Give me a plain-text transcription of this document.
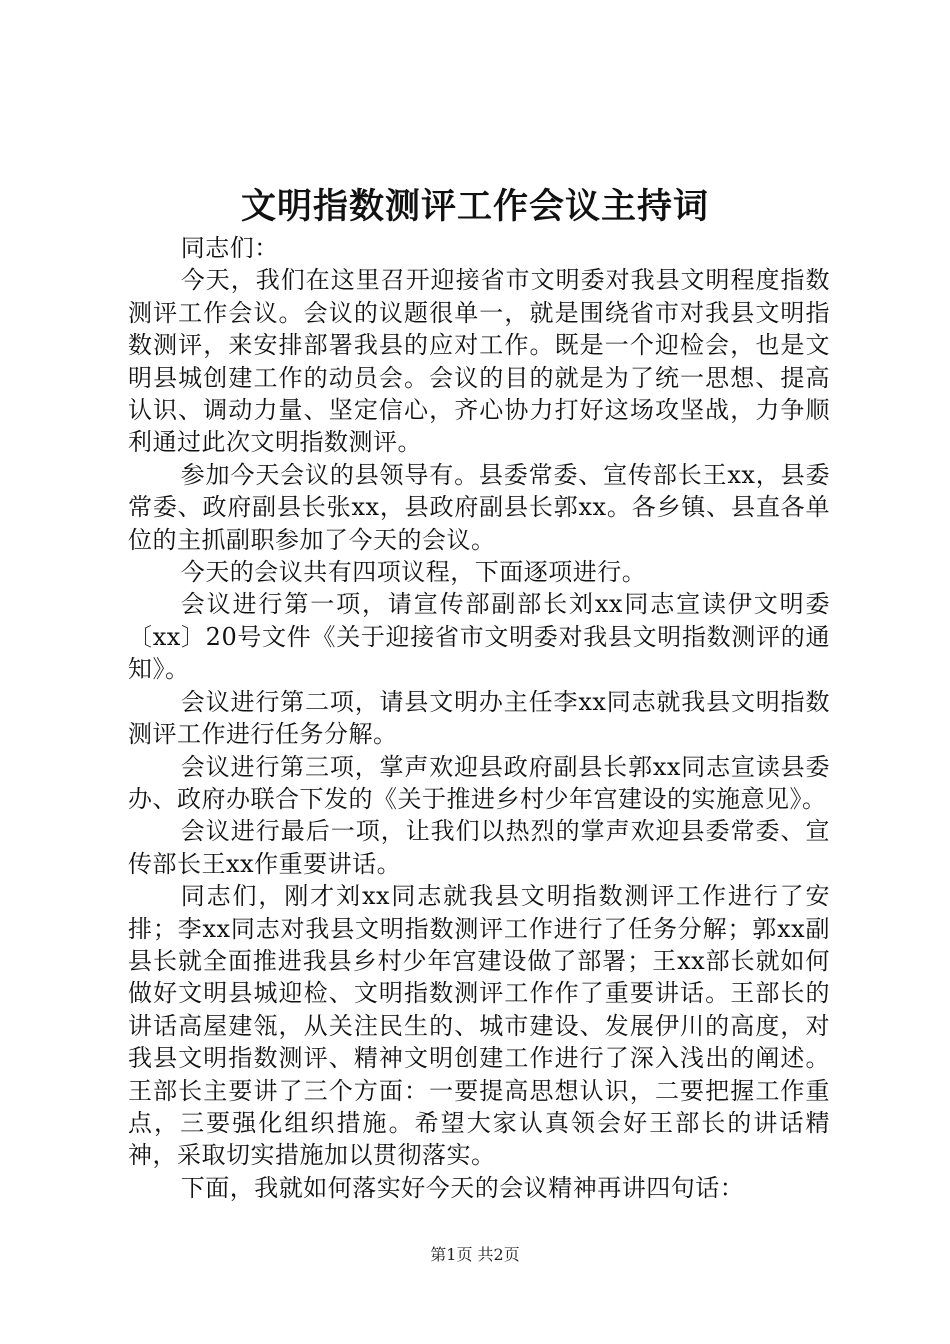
文明指数测评工作会议主持词

同志们：

今天，我们在这里召开迎接省市文明委对我县文明程度指数测评工作会议。会议的议题很单一，就是围绕省市对我县文明指数测评，来安排部署我县的应对工作。既是一个迎检会，也是文明县城创建工作的动员会。会议的目的就是为了统一思想、提高认识、调动力量、坚定信心，齐心协力打好这场攻坚战，力争顺利通过此次文明指数测评。

参加今天会议的县领导有。县委常委、宣传部长王xx，县委常委、政府副县长张xx，县政府副县长郭xx。各乡镇、县直各单位的主抓副职参加了今天的会议。

今天的会议共有四项议程，下面逐项进行。

会议进行第一项，请宣传部副部长刘xx同志宣读伊文明委〔xx〕20号文件《关于迎接省市文明委对我县文明指数测评的通知》。

会议进行第二项，请县文明办主任李xx同志就我县文明指数测评工作进行任务分解。

会议进行第三项，掌声欢迎县政府副县长郭xx同志宣读县委办、政府办联合下发的《关于推进乡村少年宫建设的实施意见》。

会议进行最后一项，让我们以热烈的掌声欢迎县委常委、宣传部长王xx作重要讲话。

同志们，刚才刘xx同志就我县文明指数测评工作进行了安排；李xx同志对我县文明指数测评工作进行了任务分解；郭xx副县长就全面推进我县乡村少年宫建设做了部署；王xx部长就如何做好文明县城迎检、文明指数测评工作作了重要讲话。王部长的讲话高屋建瓴，从关注民生的、城市建设、发展伊川的高度，对我县文明指数测评、精神文明创建工作进行了深入浅出的阐述。王部长主要讲了三个方面：一要提高思想认识，二要把握工作重点，三要强化组织措施。希望大家认真领会好王部长的讲话精神，采取切实措施加以贯彻落实。

下面，我就如何落实好今天的会议精神再讲四句话：

第1页 共2页
